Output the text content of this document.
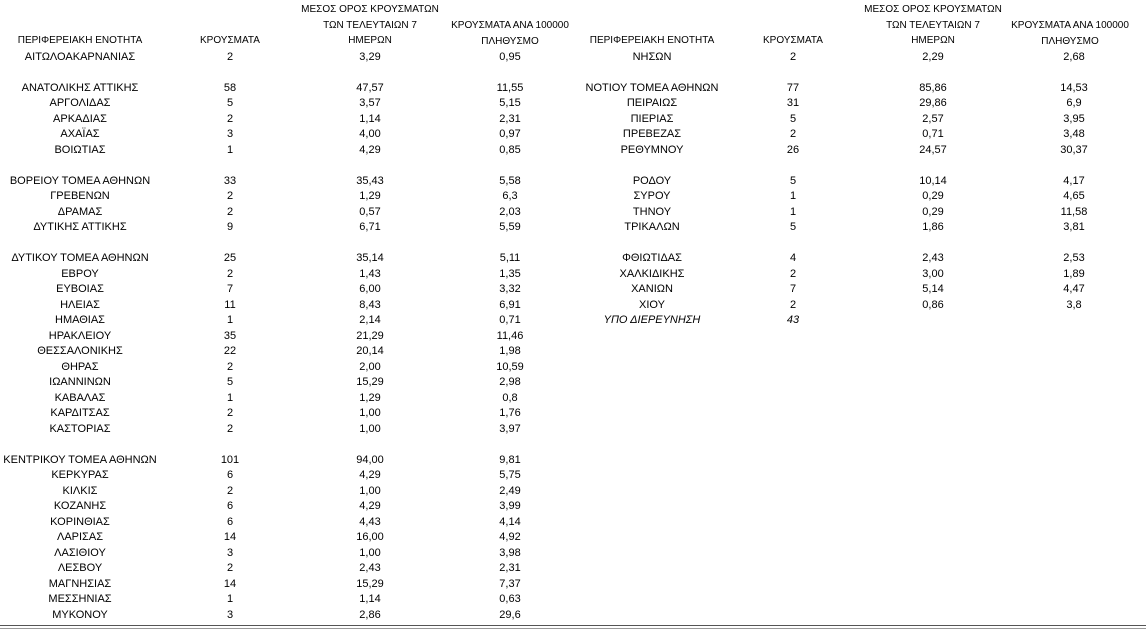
ΠΕΡΙΦΕΡΕΙΑΚΗ ΕΝΟΤΗΤΑ	ΚΡΟΥΣΜΑΤΑ
ΜΕΣΟΣ ΟΡΟΣ ΚΡΟΥΣΜΑΤΩΝ
ΤΩΝ ΤΕΛΕΥΤΑΙΩΝ 7
ΗΜΕΡΩΝ
ΚΡΟΥΣΜΑΤΑ ΑΝΑ 100000
ΠΛΗΘΥΣΜΟ
ΑΙΤΩΛΟΑΚΑΡΝΑΝΙΑΣ	2	3,29	0,95
ΑΝΑΤΟΛΙΚΗΣ ΑΤΤΙΚΗΣ	58	47,57	11,55
ΑΡΓΟΛΙΔΑΣ	5	3,57	5,15
ΑΡΚΑΔΙΑΣ	2	1,14	2,31
ΑΧΑΪΑΣ	3	4,00	0,97
ΒΟΙΩΤΙΑΣ	1	4,29	0,85
ΒΟΡΕΙΟΥ ΤΟΜΕΑ ΑΘΗΝΩΝ	33	35,43	5,58
ΓΡΕΒΕΝΩΝ	2	1,29	6,3
ΔΡΑΜΑΣ	2	0,57	2,03
ΔΥΤΙΚΗΣ ΑΤΤΙΚΗΣ	9	6,71	5,59
ΔΥΤΙΚΟΥ ΤΟΜΕΑ ΑΘΗΝΩΝ	25	35,14	5,11
ΕΒΡΟΥ	2	1,43	1,35
ΕΥΒΟΙΑΣ	7	6,00	3,32
ΗΛΕΙΑΣ	11	8,43	6,91
ΗΜΑΘΙΑΣ	1	2,14	0,71
ΗΡΑΚΛΕΙΟΥ	35	21,29	11,46
ΘΕΣΣΑΛΟΝΙΚΗΣ	22	20,14	1,98
ΘΗΡΑΣ	2	2,00	10,59
ΙΩΑΝΝΙΝΩΝ	5	15,29	2,98
ΚΑΒΑΛΑΣ	1	1,29	0,8
ΚΑΡΔΙΤΣΑΣ	2	1,00	1,76
ΚΑΣΤΟΡΙΑΣ	2	1,00	3,97
ΚΕΝΤΡΙΚΟΥ ΤΟΜΕΑ ΑΘΗΝΩΝ	101	94,00	9,81
ΚΕΡΚΥΡΑΣ	6	4,29	5,75
ΚΙΛΚΙΣ	2	1,00	2,49
ΚΟΖΑΝΗΣ	6	4,29	3,99
ΚΟΡΙΝΘΙΑΣ	6	4,43	4,14
ΛΑΡΙΣΑΣ	14	16,00	4,92
ΛΑΣΙΘΙΟΥ	3	1,00	3,98
ΛΕΣΒΟΥ	2	2,43	2,31
ΜΑΓΝΗΣΙΑΣ	14	15,29	7,37
ΜΕΣΣΗΝΙΑΣ	1	1,14	0,63
ΜΥΚΟΝΟΥ	3	2,86	29,6
ΠΕΡΙΦΕΡΕΙΑΚΗ ΕΝΟΤΗΤΑ	ΚΡΟΥΣΜΑΤΑ
ΜΕΣΟΣ ΟΡΟΣ ΚΡΟΥΣΜΑΤΩΝ
ΤΩΝ ΤΕΛΕΥΤΑΙΩΝ 7
ΗΜΕΡΩΝ
ΚΡΟΥΣΜΑΤΑ ΑΝΑ 100000
ΠΛΗΘΥΣΜΟ
ΝΗΣΩΝ	2	2,29	2,68
ΝΟΤΙΟΥ ΤΟΜΕΑ ΑΘΗΝΩΝ	77	85,86	14,53
ΠΕΙΡΑΙΩΣ	31	29,86	6,9
ΠΙΕΡΙΑΣ	5	2,57	3,95
ΠΡΕΒΕΖΑΣ	2	0,71	3,48
ΡΕΘΥΜΝΟΥ	26	24,57	30,37
ΡΟΔΟΥ	5	10,14	4,17
ΣΥΡΟΥ	1	0,29	4,65
ΤΗΝΟΥ	1	0,29	11,58
ΤΡΙΚΑΛΩΝ	5	1,86	3,81
ΦΘΙΩΤΙΔΑΣ	4	2,43	2,53
ΧΑΛΚΙΔΙΚΗΣ	2	3,00	1,89
ΧΑΝΙΩΝ	7	5,14	4,47
ΧΙΟΥ	2	0,86	3,8
ΥΠΟ ΔΙΕΡΕΥΝΗΣΗ	43
